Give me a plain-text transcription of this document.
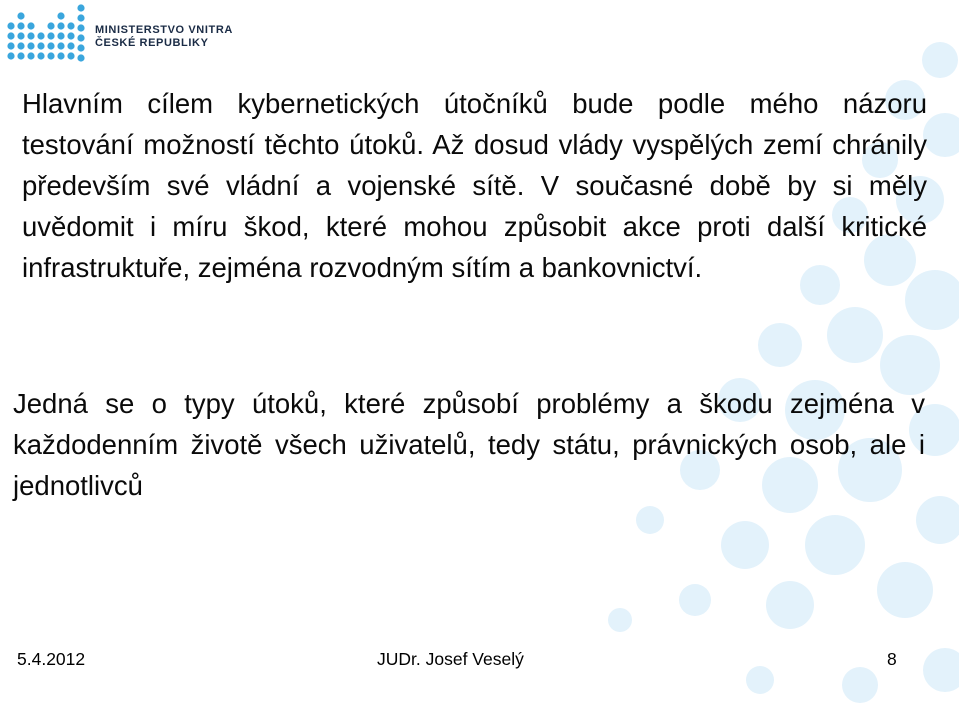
MINISTERSTVO VNITRA
ČESKÉ REPUBLIKY

Hlavním cílem kybernetických útočníků bude podle mého názoru testování možností těchto útoků. Až dosud vlády vyspělých zemí chránily především své vládní a vojenské sítě. V současné době by si měly uvědomit i míru škod, které mohou způsobit akce proti další kritické infrastruktuře, zejména rozvodným sítím a bankovnictví.

Jedná se o typy útoků, které způsobí problémy a škodu zejména v každodenním životě všech uživatelů, tedy státu, právnických osob, ale i jednotlivců

5.4.2012	JUDr. Josef Veselý	8
